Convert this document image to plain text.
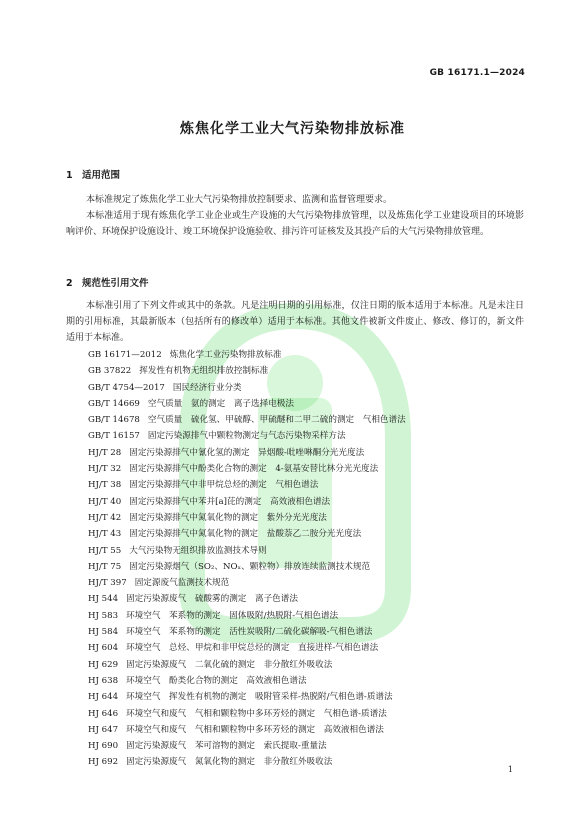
GB 16171.1—2024
炼焦化学工业大气污染物排放标准
1 适用范围
本标准规定了炼焦化学工业大气污染物排放控制要求、监测和监督管理要求。
本标准适用于现有炼焦化学工业企业或生产设施的大气污染物排放管理，以及炼焦化学工业建设项目的环境影响评价、环境保护设施设计、竣工环境保护设施验收、排污许可证核发及其投产后的大气污染物排放管理。
2 规范性引用文件
本标准引用了下列文件或其中的条款。凡是注明日期的引用标准，仅注日期的版本适用于本标准。凡是未注日期的引用标准，其最新版本（包括所有的修改单）适用于本标准。其他文件被新文件废止、修改、修订的，新文件适用于本标准。
GB 16171—2012 炼焦化学工业污染物排放标准
GB 37822 挥发性有机物无组织排放控制标准
GB/T 4754—2017 国民经济行业分类
GB/T 14669 空气质量　氨的测定　离子选择电极法
GB/T 14678 空气质量　硫化氢、甲硫醇、甲硫醚和二甲二硫的测定　气相色谱法
GB/T 16157 固定污染源排气中颗粒物测定与气态污染物采样方法
HJ/T 28 固定污染源排气中氰化氢的测定　异烟酸-吡唑啉酮分光光度法
HJ/T 32 固定污染源排气中酚类化合物的测定　4-氨基安替比林分光光度法
HJ/T 38 固定污染源排气中非甲烷总烃的测定　气相色谱法
HJ/T 40 固定污染源排气中苯并[a]芘的测定　高效液相色谱法
HJ/T 42 固定污染源排气中氮氧化物的测定　紫外分光光度法
HJ/T 43 固定污染源排气中氮氧化物的测定　盐酸萘乙二胺分光光度法
HJ/T 55 大气污染物无组织排放监测技术导则
HJ/T 75 固定污染源烟气（SO₂、NOₓ、颗粒物）排放连续监测技术规范
HJ/T 397 固定源废气监测技术规范
HJ 544 固定污染源废气　硫酸雾的测定　离子色谱法
HJ 583 环境空气　苯系物的测定　固体吸附/热脱附-气相色谱法
HJ 584 环境空气　苯系物的测定　活性炭吸附/二硫化碳解吸-气相色谱法
HJ 604 环境空气　总烃、甲烷和非甲烷总烃的测定　直接进样-气相色谱法
HJ 629 固定污染源废气　二氧化硫的测定　非分散红外吸收法
HJ 638 环境空气　酚类化合物的测定　高效液相色谱法
HJ 644 环境空气　挥发性有机物的测定　吸附管采样-热脱附/气相色谱-质谱法
HJ 646 环境空气和废气　气相和颗粒物中多环芳烃的测定　气相色谱-质谱法
HJ 647 环境空气和废气　气相和颗粒物中多环芳烃的测定　高效液相色谱法
HJ 690 固定污染源废气　苯可溶物的测定　索氏提取-重量法
HJ 692 固定污染源废气　氮氧化物的测定　非分散红外吸收法
1
